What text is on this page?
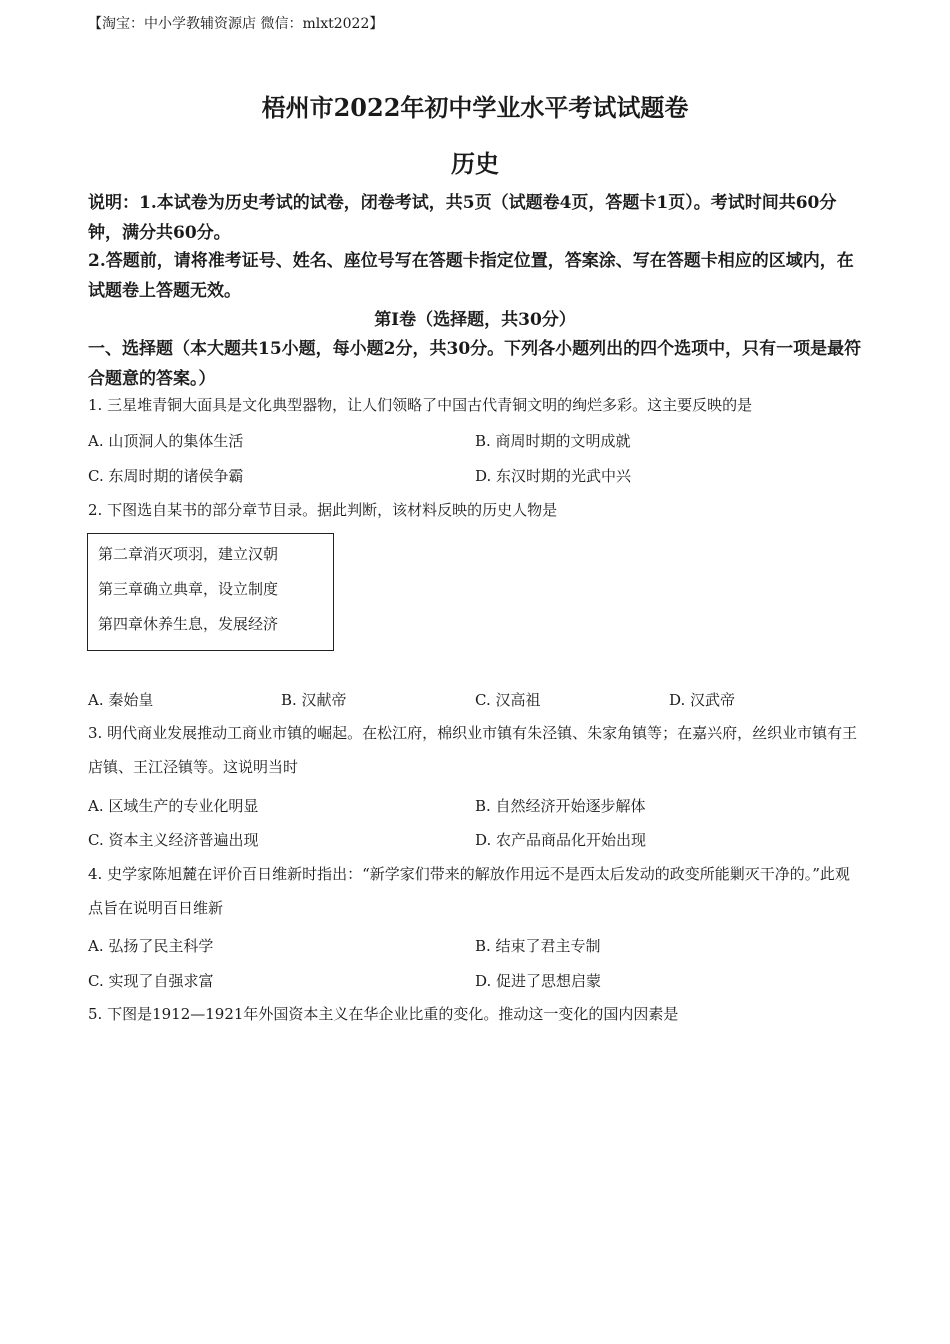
【淘宝：中小学教辅资源店 微信：mlxt2022】
梧州市2022年初中学业水平考试试题卷
历史
说明：1.本试卷为历史考试的试卷，闭卷考试，共5页（试题卷4页，答题卡1页）。考试时间共60分钟，满分共60分。
2.答题前，请将准考证号、姓名、座位号写在答题卡指定位置，答案涂、写在答题卡相应的区域内，在试题卷上答题无效。
第I卷（选择题，共30分）
一、选择题（本大题共15小题，每小题2分，共30分。下列各小题列出的四个选项中，只有一项是最符合题意的答案。）
1. 三星堆青铜大面具是文化典型器物，让人们领略了中国古代青铜文明的绚烂多彩。这主要反映的是
A. 山顶洞人的集体生活	B. 商周时期的文明成就
C. 东周时期的诸侯争霸	D. 东汉时期的光武中兴
2. 下图选自某书的部分章节目录。据此判断，该材料反映的历史人物是
第二章消灭项羽，建立汉朝
第三章确立典章，设立制度
第四章休养生息，发展经济
A. 秦始皇	B. 汉献帝	C. 汉高祖	D. 汉武帝
3. 明代商业发展推动工商业市镇的崛起。在松江府，棉织业市镇有朱泾镇、朱家角镇等；在嘉兴府，丝织业市镇有王店镇、王江泾镇等。这说明当时
A. 区域生产的专业化明显	B. 自然经济开始逐步解体
C. 资本主义经济普遍出现	D. 农产品商品化开始出现
4. 史学家陈旭麓在评价百日维新时指出：“新学家们带来的解放作用远不是西太后发动的政变所能剿灭干净的。”此观点旨在说明百日维新
A. 弘扬了民主科学	B. 结束了君主专制
C. 实现了自强求富	D. 促进了思想启蒙
5. 下图是1912—1921年外国资本主义在华企业比重的变化。推动这一变化的国内因素是
